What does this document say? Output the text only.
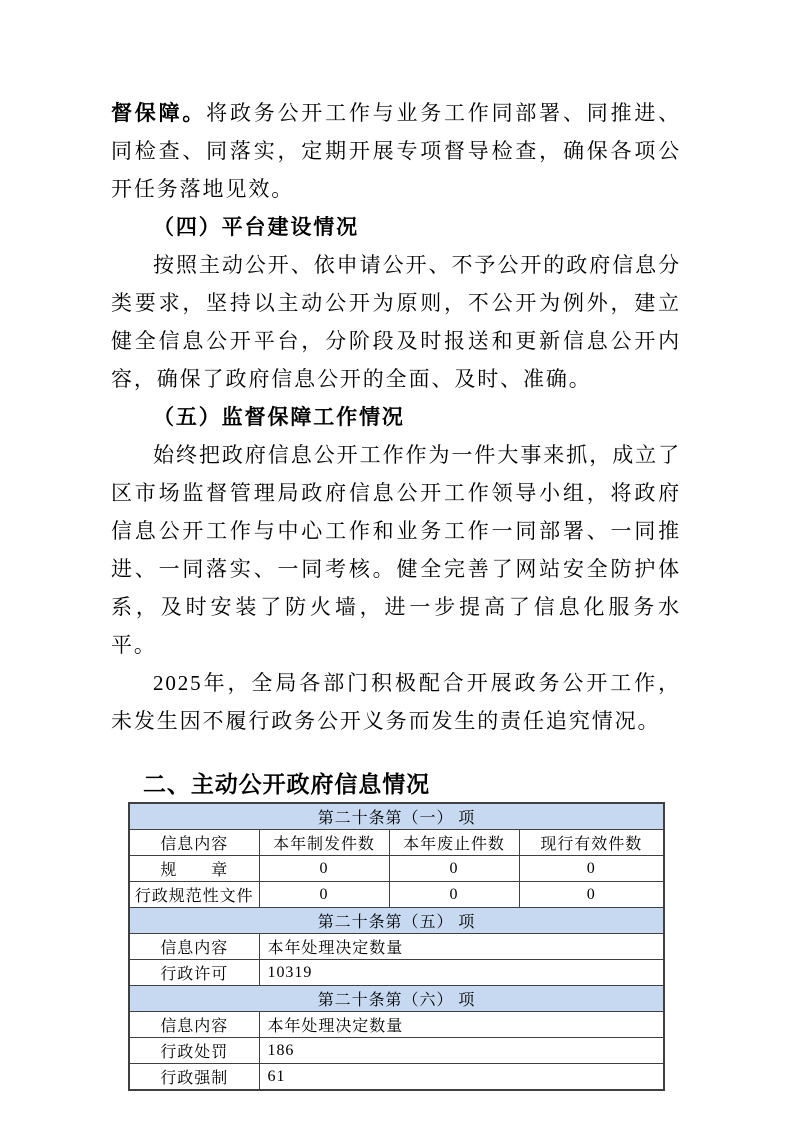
督保障。将政务公开工作与业务工作同部署、同推进、同检查、同落实，定期开展专项督导检查，确保各项公开任务落地见效。

（四）平台建设情况

按照主动公开、依申请公开、不予公开的政府信息分类要求，坚持以主动公开为原则，不公开为例外，建立健全信息公开平台，分阶段及时报送和更新信息公开内容，确保了政府信息公开的全面、及时、准确。

（五）监督保障工作情况

始终把政府信息公开工作作为一件大事来抓，成立了区市场监督管理局政府信息公开工作领导小组，将政府信息公开工作与中心工作和业务工作一同部署、一同推进、一同落实、一同考核。健全完善了网站安全防护体系，及时安装了防火墙，进一步提高了信息化服务水平。

2025年，全局各部门积极配合开展政务公开工作，未发生因不履行政务公开义务而发生的责任追究情况。

二、主动公开政府信息情况
第二十条第（一） 项			
信息内容	本年制发件数	本年废止件数	现行有效件数
规　　章	0	0	0
行政规范性文件	0	0	0
第二十条第（五） 项			
信息内容	本年处理决定数量		
行政许可	10319		
第二十条第（六） 项			
信息内容	本年处理决定数量		
行政处罚	186		
行政强制	61		
